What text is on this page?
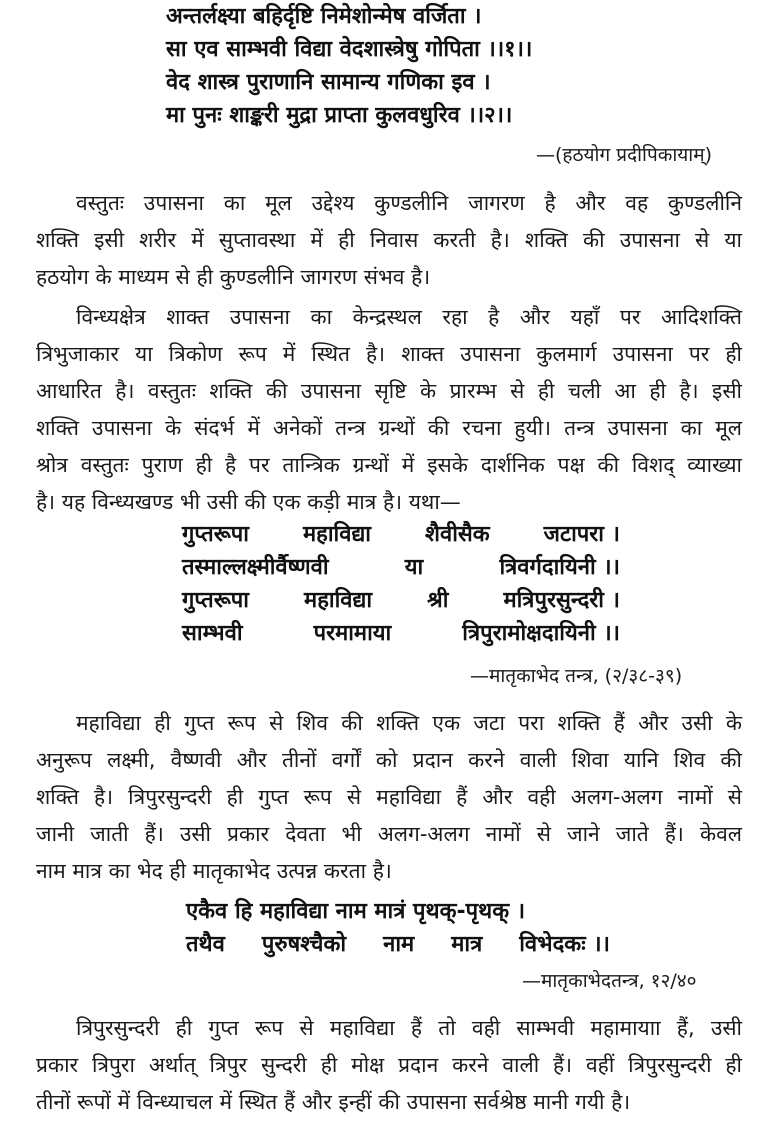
अन्तर्लक्ष्या बहिर्दृष्टि निमेशोन्मेष वर्जिता ।
सा एव साम्भवी विद्या वेदशास्त्रेषु गोपिता ।।१।।
वेद शास्त्र पुराणानि सामान्य गणिका इव ।
मा पुनः शाङ्करी मुद्रा प्राप्ता कुलवधुरिव ।।२।।
—(हठयोग प्रदीपिकायाम्)
वस्तुतः उपासना का मूल उद्देश्य कुण्डलीनि जागरण है और वह कुण्डलीनि
शक्ति इसी शरीर में सुप्तावस्था में ही निवास करती है। शक्ति की उपासना से या
हठयोग के माध्यम से ही कुण्डलीनि जागरण संभव है।
विन्ध्यक्षेत्र शाक्त उपासना का केन्द्रस्थल रहा है और यहाँ पर आदिशक्ति
त्रिभुजाकार या त्रिकोण रूप में स्थित है। शाक्त उपासना कुलमार्ग उपासना पर ही
आधारित है। वस्तुतः शक्ति की उपासना सृष्टि के प्रारम्भ से ही चली आ ही है। इसी
शक्ति उपासना के संदर्भ में अनेकों तन्त्र ग्रन्थों की रचना हुयी। तन्त्र उपासना का मूल
श्रोत्र वस्तुतः पुराण ही है पर तान्त्रिक ग्रन्थों में इसके दार्शनिक पक्ष की विशद् व्याख्या
है। यह विन्ध्यखण्ड भी उसी की एक कड़ी मात्र है। यथा—
गुप्तरूपा महाविद्या शैवीसैक जटापरा ।
तस्माल्लक्ष्मीर्वैष्णवी	या	त्रिवर्गदायिनी ।।
गुप्तरूपा	महाविद्या	श्री	मत्रिपुरसुन्दरी ।
साम्भवी	परमामाया	त्रिपुरामोक्षदायिनी ।।
—मातृकाभेद तन्त्र, (२/३८-३९)
महाविद्या ही गुप्त रूप से शिव की शक्ति एक जटा परा शक्ति हैं और उसी के
अनुरूप लक्ष्मी, वैष्णवी और तीनों वर्गों को प्रदान करने वाली शिवा यानि शिव की
शक्ति है। त्रिपुरसुन्दरी ही गुप्त रूप से महाविद्या हैं और वही अलग-अलग नामों से
जानी जाती हैं। उसी प्रकार देवता भी अलग-अलग नामों से जाने जाते हैं। केवल
नाम मात्र का भेद ही मातृकाभेद उत्पन्न करता है।
एकैव हि महाविद्या नाम मात्रं पृथक्-पृथक् ।
तथैव पुरुषश्चैको नाम मात्र विभेदकः ।।
—मातृकाभेदतन्त्र, १२/४०
त्रिपुरसुन्दरी ही गुप्त रूप से महाविद्या हैं तो वही साम्भवी महामायाा हैं, उसी
प्रकार त्रिपुरा अर्थात् त्रिपुर सुन्दरी ही मोक्ष प्रदान करने वाली हैं। वहीं त्रिपुरसुन्दरी ही
तीनों रूपों में विन्ध्याचल में स्थित हैं और इन्हीं की उपासना सर्वश्रेष्ठ मानी गयी है।
